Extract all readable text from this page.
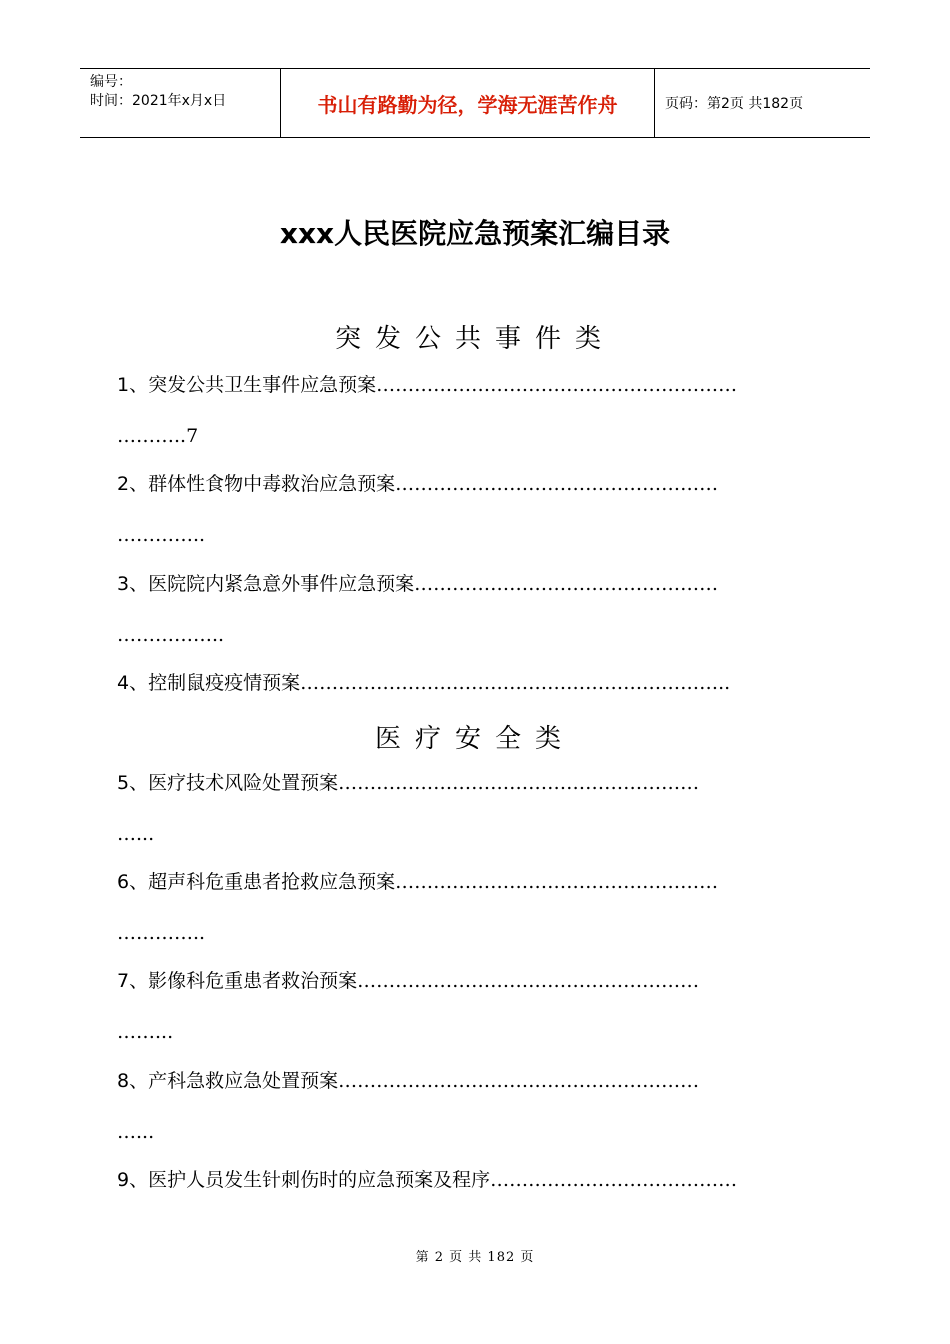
编号：
时间：2021年x月x日	书山有路勤为径，学海无涯苦作舟	页码：第2页 共182页
xxx人民医院应急预案汇编目录
突发公共事件类
1、突发公共卫生事件应急预案…………………………………………………
………..7
2、群体性食物中毒救治应急预案……………………………………………
…………..
3、医院院内紧急意外事件应急预案…………………………………………
……………..
4、控制鼠疫疫情预案…………………………………………………………..
医疗安全类
5、医疗技术风险处置预案…………………………………………………
…...
6、超声科危重患者抢救应急预案……………………………………………
…………..
7、影像科危重患者救治预案………………………………………………
……...
8、产科急救应急处置预案…………………………………………………
…...
9、医护人员发生针刺伤时的应急预案及程序…………………………………
第 2 页 共 182 页
